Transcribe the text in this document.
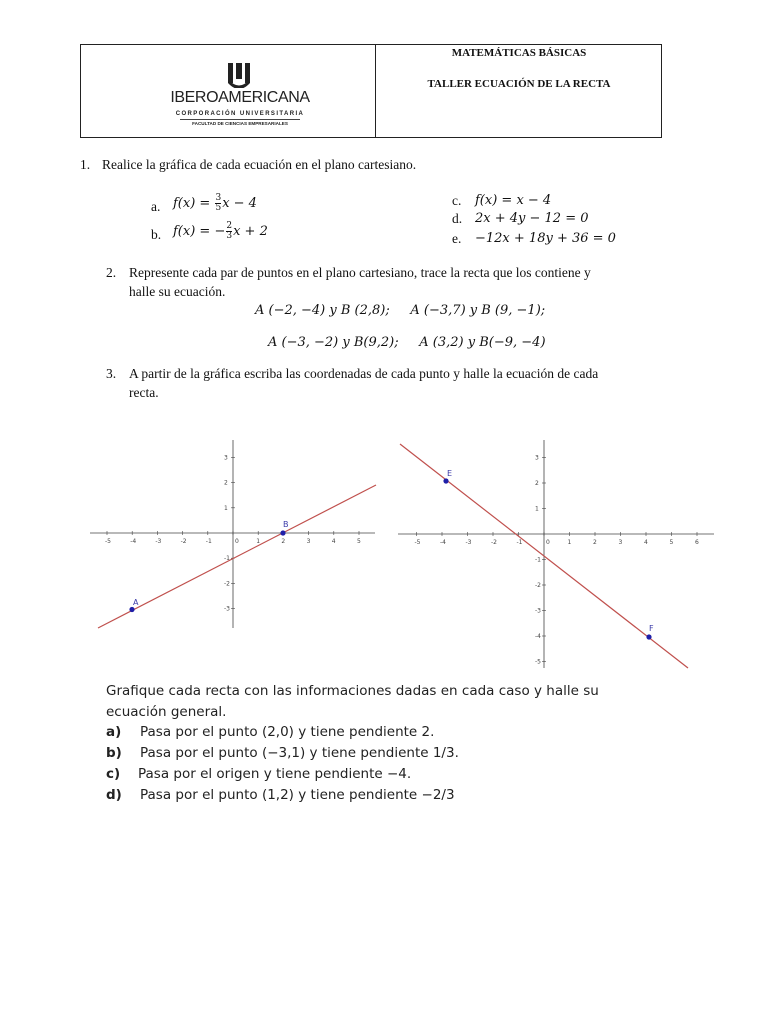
IBEROAMERICANA
CORPORACIÓN UNIVERSITARIA
FACULTAD DE CIENCIAS EMPRESARIALES
MATEMÁTICAS BÁSICAS
TALLER ECUACIÓN DE LA RECTA
1. Realice la gráfica de cada ecuación en el plano cartesiano.
a. $f(x) = \frac{3}{5}$ x − 4
b. f(x) = − $\frac{2}{3}$ x + 2
c. f(x) = x − 4
d. 2x + 4y − 12 = 0
e. −12x + 18y + 36 = 0
2. Represente cada par de puntos en el plano cartesiano, trace la recta que los contiene y
halle su ecuación.
A (−2, −4) y B (2,8);     A (−3,7) y B (9, −1);
A (−3, −2) y B(9,2);     A (3,2) y B(−9, −4)
3. A partir de la gráfica escriba las coordenadas de cada punto y halle la ecuación de cada
recta.
-5	-4	-3	-2	-1	0	1	2	3	4	5
3
2
1
-1
-2
-3
A
B
-5	-4	-3	-2	-1	0	1	2	3	4	5	6
3
2
1
-1
-2
-3
-4
-5
E
F
Grafique cada recta con las informaciones dadas en cada caso y halle su
ecuación general.
a) Pasa por el punto (2,0) y tiene pendiente 2.
b) Pasa por el punto (−3,1) y tiene pendiente 1/3.
c) Pasa por el origen y tiene pendiente −4.
d) Pasa por el punto (1,2) y tiene pendiente −2/3
